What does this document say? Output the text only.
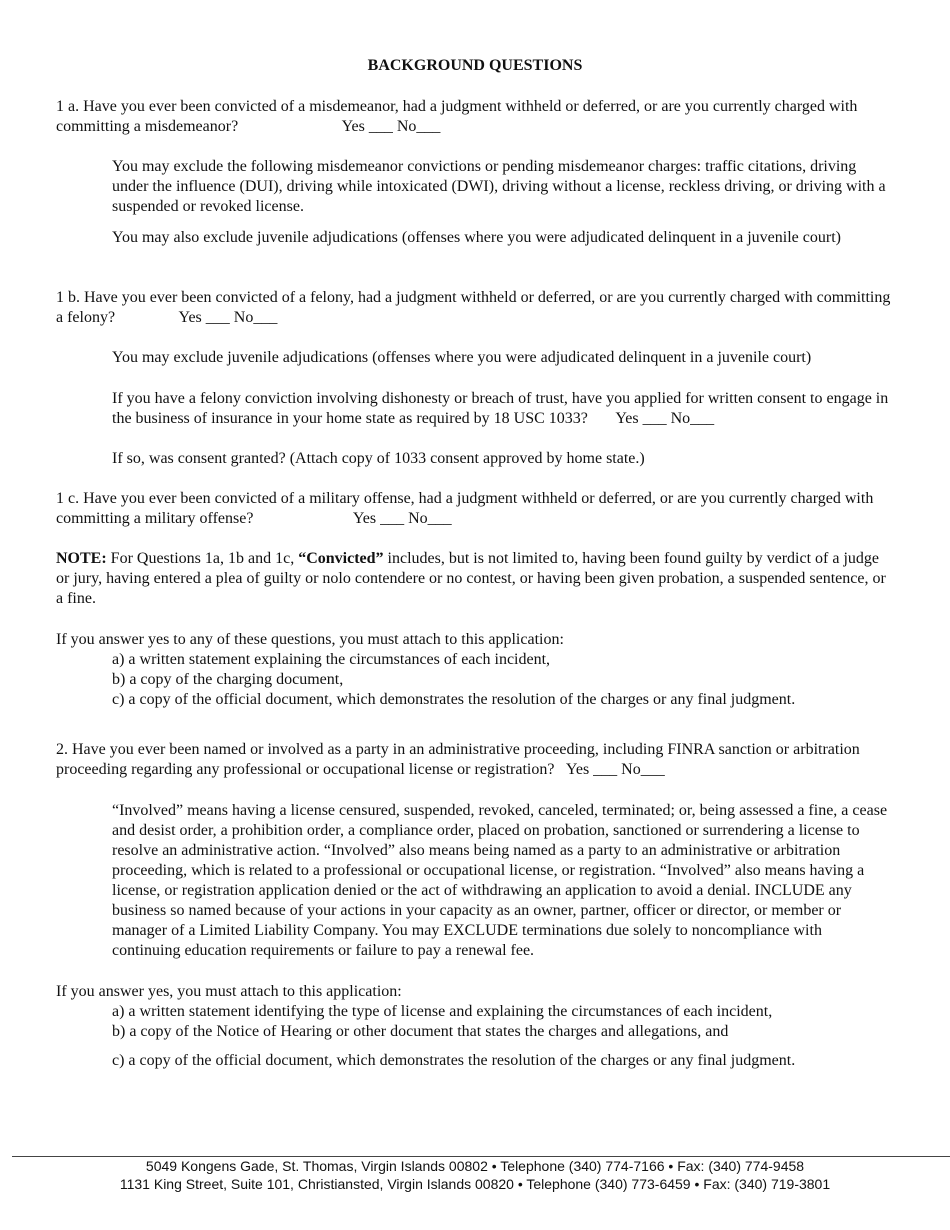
BACKGROUND QUESTIONS
1 a. Have you ever been convicted of a misdemeanor, had a judgment withheld or deferred, or are you currently charged with committing a misdemeanor?	Yes ___ No___
You may exclude the following misdemeanor convictions or pending misdemeanor charges: traffic citations, driving under the influence (DUI), driving while intoxicated (DWI), driving without a license, reckless driving, or driving with a suspended or revoked license.
You may also exclude juvenile adjudications (offenses where you were adjudicated delinquent in a juvenile court)
1 b. Have you ever been convicted of a felony, had a judgment withheld or deferred, or are you currently charged with committing a felony?	Yes ___ No___
You may exclude juvenile adjudications (offenses where you were adjudicated delinquent in a juvenile court)
If you have a felony conviction involving dishonesty or breach of trust, have you applied for written consent to engage in the business of insurance in your home state as required by 18 USC 1033? Yes ___ No___
If so, was consent granted? (Attach copy of 1033 consent approved by home state.)
1 c. Have you ever been convicted of a military offense, had a judgment withheld or deferred, or are you currently charged with committing a military offense?	Yes ___ No___
NOTE: For Questions 1a, 1b and 1c, “Convicted” includes, but is not limited to, having been found guilty by verdict of a judge or jury, having entered a plea of guilty or nolo contendere or no contest, or having been given probation, a suspended sentence, or a fine.
If you answer yes to any of these questions, you must attach to this application:
a) a written statement explaining the circumstances of each incident,
b) a copy of the charging document,
c) a copy of the official document, which demonstrates the resolution of the charges or any final judgment.
2. Have you ever been named or involved as a party in an administrative proceeding, including FINRA sanction or arbitration proceeding regarding any professional or occupational license or registration? Yes ___ No___
“Involved” means having a license censured, suspended, revoked, canceled, terminated; or, being assessed a fine, a cease and desist order, a prohibition order, a compliance order, placed on probation, sanctioned or surrendering a license to resolve an administrative action. “Involved” also means being named as a party to an administrative or arbitration proceeding, which is related to a professional or occupational license, or registration. “Involved” also means having a license, or registration application denied or the act of withdrawing an application to avoid a denial. INCLUDE any business so named because of your actions in your capacity as an owner, partner, officer or director, or member or manager of a Limited Liability Company. You may EXCLUDE terminations due solely to noncompliance with continuing education requirements or failure to pay a renewal fee.
If you answer yes, you must attach to this application:
a) a written statement identifying the type of license and explaining the circumstances of each incident,
b) a copy of the Notice of Hearing or other document that states the charges and allegations, and
c) a copy of the official document, which demonstrates the resolution of the charges or any final judgment.
5049 Kongens Gade, St. Thomas, Virgin Islands 00802 • Telephone (340) 774-7166 • Fax: (340) 774-9458
1131 King Street, Suite 101, Christiansted, Virgin Islands 00820 • Telephone (340) 773-6459 • Fax: (340) 719-3801
